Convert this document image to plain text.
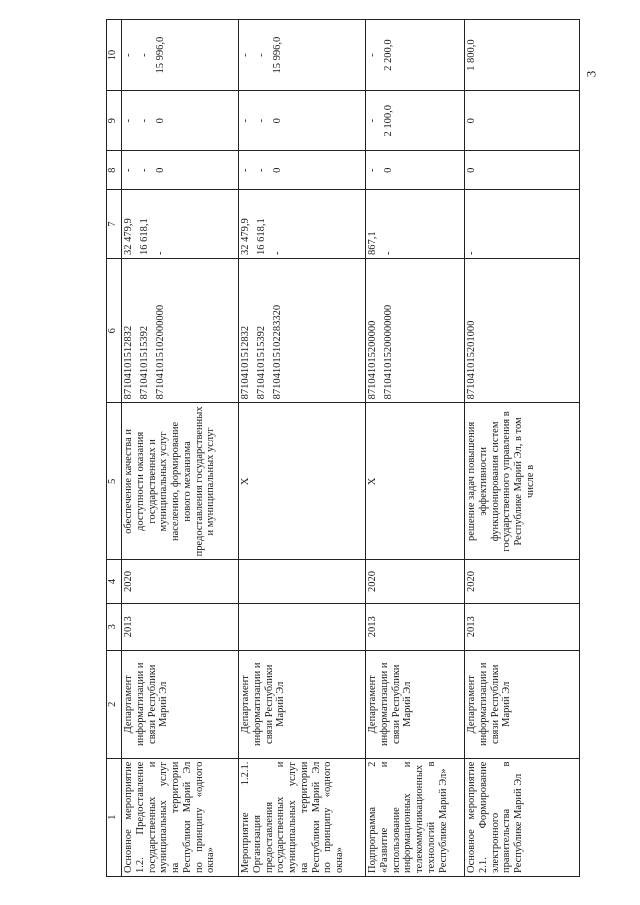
3
1	2	3	4	5	6	7	8	9	10
Основное мероприятие 1.2. Предоставление государственных и муниципальных услуг на территории Республики Марий Эл по принципу «одного окна»	Департамент информатизации и связи Республики Марий Эл	2013	2020	обеспечение качества и доступности оказания государственных и муниципальных услуг населению, формирование нового механизма предоставления государственных и муниципальных услуг	871041015128З2 87104101515392 871041015102000000	32 479,9 16 618,1 -	- - 0	- - 0	- - 15 996,0

Мероприятие 1.2.1. Организация предоставления государственных и муниципальных услуг на территории Республики Марий Эл по принципу «одного окна»	Департамент информатизации и связи Республики Марий Эл			Х	87104101512832 87104101515392 871041015102283320	32 479,9 16 618,1 -	- - 0	- - 0	- - 15 996,0

Подпрограмма 2 «Развитие и использование информационных и телекоммуникационных технологий в Республике Марий Эл»	Департамент информатизации и связи Республики Марий Эл	2013	2020	Х	871041015200000 871041015200000000	867,1 -	- 0	- 2 100,0	- 2 200,0

Основное мероприятие 2.1. Формирование электронного правительства в Республике Марий Эл	Департамент информатизации и связи Республики Марий Эл	2013	2020	решение задач повышения эффективности функционирования систем государственного управления в Республике Марий Эл, в том числе в	871041015201000	-	0	0	1 800,0
